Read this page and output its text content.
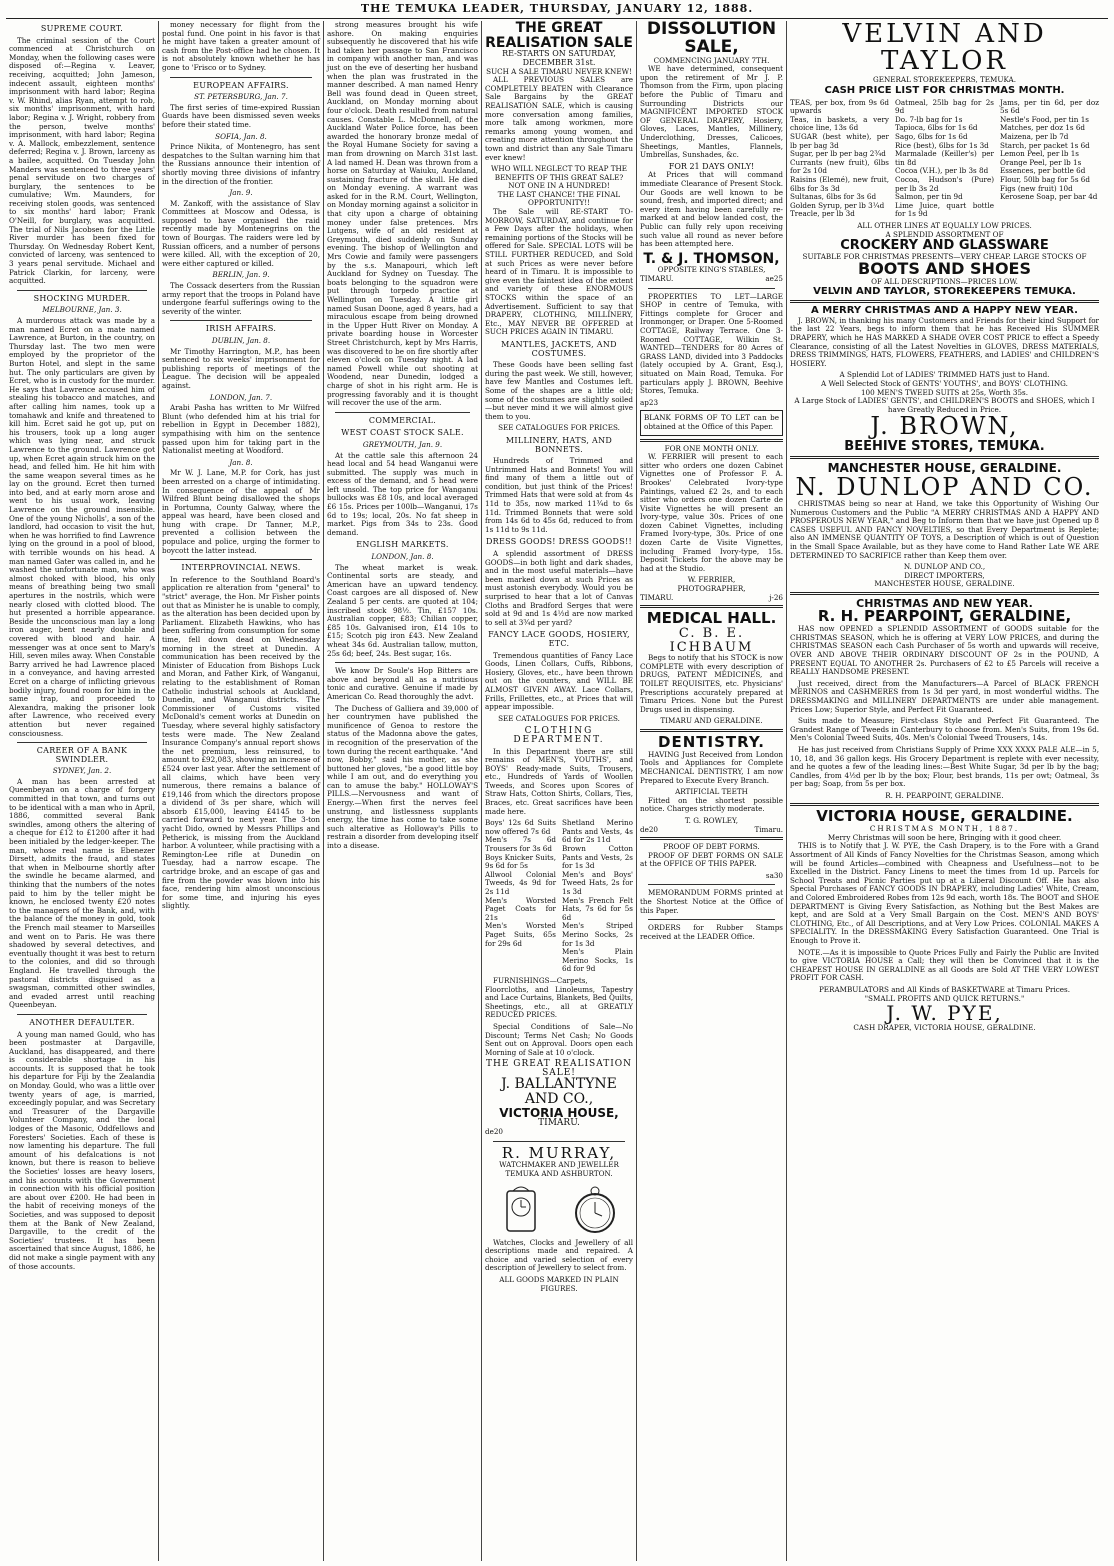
THE TEMUKA LEADER, THURSDAY, JANUARY 12, 1888.
SUPREME COURT.

The criminal session of the Court commenced at Christchurch on Monday, when the following cases were disposed of:—Regina v. Leaver, receiving, acquitted; John Jameson, indecent assault, eighteen months' imprisonment with hard labor; Regina v. W. Rhind, alias Ryan, attempt to rob, six months' imprisonment, with hard labor; Regina v. J. Wright, robbery from the person, twelve months' imprisonment, with hard labor; Regina v. A. Mallock, embezzlement, sentence deferred; Regina v. J. Brown, larceny as a bailee, acquitted. On Tuesday John Manders was sentenced to three years' penal servitude on two charges of burglary, the sentences to be cumulative; Wm. Maunders, for receiving stolen goods, was sentenced to six months' hard labor; Frank O'Neill, for burglary, was acquitted. The trial of Nils Jacobsen for the Little River murder has been fixed for Thursday. On Wednesday Robert Kent, convicted of larceny, was sentenced to 3 years penal servitude. Michael and Patrick Clarkin, for larceny, were acquitted.

SHOCKING MURDER.
MELBOURNE, Jan. 3.

A murderous attack was made by a man named Ecret on a mate named Lawrence, at Burton, in the country, on Thursday last. The two men were employed by the proprietor of the Burton Hotel, and slept in the same hut. The only particulars are given by Ecret, who is in custody for the murder. He says that Lawrence accused him of stealing his tobacco and matches, and after calling him names, took up a tomahawk and knife and threatened to kill him. Ecret said he got up, put on his trousers, took up a long auger which was lying near, and struck Lawrence to the ground. Lawrence got up, when Ecret again struck him on the head, and felled him. He hit him with the same weapon several times as he lay on the ground. Ecret then turned into bed, and at early morn arose and went to his usual work, leaving Lawrence on the ground insensible. One of the young Nicholls', a son of the landlord, had occasion to visit the hut, when he was horrified to find Lawrence lying on the ground in a pool of blood, with terrible wounds on his head. A man named Gater was called in, and he washed the unfortunate man, who was almost choked with blood, his only means of breathing being two small apertures in the nostrils, which were nearly closed with clotted blood. The hut presented a horrible appearance. Beside the unconscious man lay a long iron auger, bent nearly double and covered with blood and hair. A messenger was at once sent to Mary's Hill, seven miles away. When Constable Barry arrived he had Lawrence placed in a conveyance, and having arrested Ecret on a charge of inflicting grievous bodily injury, found room for him in the same trap, and proceeded to Alexandra, making the prisoner look after Lawrence, who received every attention but never regained consciousness.

CAREER OF A BANK SWINDLER.
SYDNEY, Jan. 2.

A man has been arrested at Queenbeyan on a charge of forgery committed in that town, and turns out to be identical with a man who in April, 1886, committed several Bank swindles, among others the altering of a cheque for £12 to £1200 after it had been initialed by the ledger-keeper. The man, whose real name is Ebenezer Dirsett, admits the fraud, and states that when in Melbourne shortly after the swindle he became alarmed, and thinking that the numbers of the notes paid to him by the teller might be known, he enclosed twenty £20 notes to the managers of the Bank, and, with the balance of the money in gold, took the French mail steamer to Marseilles and went on to Paris. He was there shadowed by several detectives, and eventually thought it was best to return to the colonies, and did so through England. He travelled through the pastoral districts disguised as a swagsman, committed other swindles, and evaded arrest until reaching Queenbeyan.

ANOTHER DEFAULTER.

A young man named Gould, who has been postmaster at Dargaville, Auckland, has disappeared, and there is considerable shortage in his accounts. It is supposed that he took his departure for Fiji by the Zealandia on Monday. Gould, who was a little over twenty years of age, is married, exceedingly popular, and was Secretary and Treasurer of the Dargaville Volunteer Company, and the local lodges of the Masonic, Oddfellows and Foresters' Societies. Each of these is now lamenting his departure. The full amount of his defalcations is not known, but there is reason to believe the Societies' losses are heavy losers, and his accounts with the Government in connection with his official position are about over £200. He had been in the habit of receiving moneys of the Societies, and was supposed to deposit them at the Bank of New Zealand, Dargaville, to the credit of the Societies' trustees. It has been ascertained that since August, 1886, he did not make a single payment with any of those accounts.

money necessary for flight from the postal fund. One point in his favor is that he might have taken a greater amount of cash from the Post-office had he chosen. It is not absolutely known whether he has gone to 'Frisco or to Sydney.

EUROPEAN AFFAIRS.
ST. PETERSBURG, Jan. 7.

The first series of time-expired Russian Guards have been dismissed seven weeks before their stated time.

SOFIA, Jan. 8.

Prince Nikita, of Montenegro, has sent despatches to the Sultan warning him that the Russians announce their intention of shortly moving three divisions of infantry in the direction of the frontier.

Jan. 9.

M. Zankoff, with the assistance of Slav Committees at Moscow and Odessa, is supposed to have organised the raid recently made by Montenegrins on the town of Bourgas. The raiders were led by Russian officers, and a number of persons were killed. All, with the exception of 20, were either captured or killed.

BERLIN, Jan. 9.

The Cossack deserters from the Russian army report that the troops in Poland have undergone fearful sufferings owing to the severity of the winter.

IRISH AFFAIRS.
DUBLIN, Jan. 8.

Mr Timothy Harrington, M.P., has been sentenced to six weeks' imprisonment for publishing reports of meetings of the League. The decision will be appealed against.

LONDON, Jan. 7.

Arabi Pasha has written to Mr Wilfred Blunt (who defended him at his trial for rebellion in Egypt in December 1882), sympathising with him on the sentence passed upon him for taking part in the Nationalist meeting at Woodford.

Jan. 8.

Mr W. J. Lane, M.P. for Cork, has just been arrested on a charge of intimidating. In consequence of the appeal of Mr Wilfred Blunt being disallowed the shops in Portumna, County Galway, where the appeal was heard, have been closed and hung with crape. Dr Tanner, M.P., prevented a collision between the populace and police, urging the former to boycott the latter instead.

INTERPROVINCIAL NEWS.

In reference to the Southland Board's application re alteration from "general" to "strict" average, the Hon. Mr Fisher points out that as Minister he is unable to comply, as the alteration has been decided upon by Parliament. Elizabeth Hawkins, who has been suffering from consumption for some time, fell down dead on Wednesday morning in the street at Dunedin. A communication has been received by the Minister of Education from Bishops Luck and Moran, and Father Kirk, of Wanganui, relating to the establishment of Roman Catholic industrial schools at Auckland, Dunedin, and Wanganui districts. The Commissioner of Customs visited McDonald's cement works at Dunedin on Tuesday, where several highly satisfactory tests were made. The New Zealand Insurance Company's annual report shows the net premium, less reinsured, to amount to £92,083, showing an increase of £524 over last year. After the settlement of all claims, which have been very numerous, there remains a balance of £19,146 from which the directors propose a dividend of 3s per share, which will absorb £15,000, leaving £4145 to be carried forward to next year. The 3-ton yacht Dido, owned by Messrs Phillips and Petherick, is missing from the Auckland harbor. A volunteer, while practising with a Remington-Lee rifle at Dunedin on Tuesday, had a narrow escape. The cartridge broke, and an escape of gas and fire from the powder was blown into his face, rendering him almost unconscious for some time, and injuring his eyes slightly.

strong measures brought his wife ashore. On making enquiries subsequently he discovered that his wife had taken her passage to San Francisco in company with another man, and was just on the eve of deserting her husband when the plan was frustrated in the manner described. A man named Henry Bell was found dead in Queen street, Auckland, on Monday morning about four o'clock. Death resulted from natural causes. Constable L. McDonnell, of the Auckland Water Police force, has been awarded the honorary bronze medal of the Royal Humane Society for saving a man from drowning on March 31st last. A lad named H. Dean was thrown from a horse on Saturday at Waiuku, Auckland, sustaining fracture of the skull. He died on Monday evening. A warrant was asked for in the R.M. Court, Wellington, on Monday morning against a solicitor in that city upon a charge of obtaining money under false pretences. Mrs Lutgens, wife of an old resident at Greymouth, died suddenly on Sunday evening. The bishop of Wellington and Mrs Cowie and family were passengers by the s.s. Manapouri, which left Auckland for Sydney on Tuesday. The boats belonging to the squadron were put through torpedo practice at Wellington on Tuesday. A little girl named Susan Doone, aged 8 years, had a miraculous escape from being drowned in the Upper Hutt River on Monday. A private boarding house in Worcester Street Christchurch, kept by Mrs Harris, was discovered to be on fire shortly after eleven o'clock on Tuesday night. A lad named Powell while out shooting at Woodend, near Dunedin, lodged a charge of shot in his right arm. He is progressing favorably and it is thought will recover the use of the arm.

COMMERCIAL.
WEST COAST STOCK SALE.
GREYMOUTH, Jan. 9.

At the cattle sale this afternoon 24 head local and 54 head Wanganui were submitted. The supply was much in excess of the demand, and 5 head were left unsold. The top price for Wanganui bullocks was £8 10s, and local averaged £6 15s. Prices per 100lb—Wanganui, 17s 6d to 19s; local, 20s. No fat sheep in market. Pigs from 34s to 23s. Good demand.

ENGLISH MARKETS.
LONDON, Jan. 8.

The wheat market is weak. Continental sorts are steady, and American have an upward tendency. Coast cargoes are all disposed of. New Zealand 5 per cents. are quoted at 104; inscribed stock 98½. Tin, £157 10s. Australian copper, £83; Chilian copper, £85 10s. Galvanised iron, £14 10s to £15; Scotch pig iron £43. New Zealand wheat 34s 6d. Australian tallow, mutton, 25s 6d; beef, 24s. Best sugar, 16s.

We know Dr Soule's Hop Bitters are above and beyond all as a nutritious tonic and curative. Genuine if made by American Co. Read thoroughly the advt.

The Duchess of Galliera and 39,000 of her countrymen have published the munificence of Genoa to restore the status of the Madonna above the gates, in recognition of the preservation of the town during the recent earthquake. "And now, Bobby," said his mother, as she buttoned her gloves, "be a good little boy while I am out, and do everything you can to amuse the baby." HOLLOWAY'S PILLS.—Nervousness and want of Energy.—When first the nerves feel unstrung, and listlessness supplants energy, the time has come to take some such alterative as Holloway's Pills to restrain a disorder from developing itself into a disease.

THE GREAT REALISATION SALE
RE-STARTS ON SATURDAY, DECEMBER 31st.
SUCH A SALE TIMARU NEVER KNEW!

ALL PREVIOUS SALES are COMPLETELY BEATEN with Clearance Sale Bargains by the GREAT REALISATION SALE, which is causing more conversation among families, more talk among workmen, more remarks among young women, and creating more attention throughout the town and district than any Sale Timaru ever knew!

WHO WILL NEGLECT TO REAP THE BENEFITS OF THIS GREAT SALE?
NOT ONE IN A HUNDRED!
THE LAST CHANCE! THE FINAL OPPORTUNITY!!

The Sale will RE-START TO-MORROW, SATURDAY, and continue for a Few Days after the holidays, when remaining portions of the Stocks will be offered for Sale. SPECIAL LOTS will be STILL FURTHER REDUCED, and Sold at such Prices as were never before heard of in Timaru. It is impossible to give even the faintest idea of the extent and variety of these ENORMOUS STOCKS within the space of an Advertisement. Sufficient to say that DRAPERY, CLOTHING, MILLINERY, Etc., MAY NEVER BE OFFERED at SUCH PRICES AGAIN IN TIMARU.

MANTLES, JACKETS, AND COSTUMES.

These Goods have been selling fast during the past week. We still, however, have few Mantles and Costumes left. Some of the shapes are a little old; some of the costumes are slightly soiled—but never mind it we will almost give them to you.

SEE CATALOGUES FOR PRICES.
MILLINERY, HATS, AND BONNETS.

Hundreds of Trimmed and Untrimmed Hats and Bonnets! You will find many of them a little out of condition, but just think of the Prices! Trimmed Hats that were sold at from 4s 11d to 35s, now marked 11¾d to 6s 11d. Trimmed Bonnets that were sold from 14s 6d to 45s 6d, reduced to from 1s 11d to 9s 11d.

DRESS GOODS! DRESS GOODS!!

A splendid assortment of DRESS GOODS—in both light and dark shades, and in the most useful materials—have been marked down at such Prices as must astonish everybody. Would you be surprised to hear that a lot of Canvas Cloths and Bradford Serges that were sold at 9d and 1s 4½d are now marked to sell at 3¾d per yard?

FANCY LACE GOODS, HOSIERY, ETC.

Tremendous quantities of Fancy Lace Goods, Linen Collars, Cuffs, Ribbons, Hosiery, Gloves, etc., have been thrown out on the counters, and WILL BE ALMOST GIVEN AWAY. Lace Collars, Frills, Frillettes, etc., at Prices that will appear impossible.

SEE CATALOGUES FOR PRICES.
CLOTHING DEPARTMENT.

In this Department there are still remains of MEN'S, YOUTHS', and BOYS' Ready-made Suits, Trousers, etc., Hundreds of Yards of Woollen Tweeds, and Scores upon Scores of Straw Hats, Cotton Shirts, Collars, Ties, Braces, etc. Great sacrifices have been made here.

Boys' 12s 6d Suits now offered 7s 6d
Men's 7s 6d Trousers for 3s 6d
Boys Knicker Suits, 9s 6d for 5s
Allwool Colonial Tweeds, 4s 9d for 2s 11d
Men's Worsted Paget Coats for 21s
Men's Worsted Paget Suits, 65s for 29s 6d
Shetland Merino Pants and Vests, 4s 6d for 2s 11d
Brown Cotton Pants and Vests, 2s for 1s 3d
Men's and Boys' Tweed Hats, 2s for 1s 3d
Men's French Felt Hats, 7s 6d for 5s 6d
Men's Striped Merino Socks, 2s for 1s 3d
Men's Plain Merino Socks, 1s 6d for 9d

FURNISHINGS—Carpets, Floorcloths, and Linoleums, Tapestry and Lace Curtains, Blankets, Bed Quilts, Sheetings, etc., all at GREATLY REDUCED PRICES.

Special Conditions of Sale—No Discount; Terms Net Cash; No Goods Sent out on Approval. Doors open each Morning of Sale at 10 o'clock.

THE GREAT REALISATION SALE!
J. BALLANTYNE AND CO.,
VICTORIA HOUSE,
TIMARU.
de20
R. MURRAY,
WATCHMAKER AND JEWELLER
TEMUKA AND ASHBURTON.

Watches, Clocks and Jewellery of all descriptions made and repaired. A choice and varied selection of every description of Jewellery to select from.

ALL GOODS MARKED IN PLAIN FIGURES.
DISSOLUTION SALE,
COMMENCING JANUARY 7TH.

WE have determined, consequent upon the retirement of Mr J. P. Thomson from the Firm, upon placing before the Public of Timaru and Surrounding Districts our MAGNIFICENT IMPORTED STOCK OF GENERAL DRAPERY, Hosiery, Gloves, Laces, Mantles, Millinery, Underclothing, Dresses, Calicoes, Sheetings, Mantles, Flannels, Umbrellas, Sunshades, &c.

FOR 21 DAYS ONLY!

At Prices that will command immediate Clearance of Present Stock. Our Goods are well known to be sound, fresh, and imported direct; and every item having been carefully re-marked at and below landed cost, the Public can fully rely upon receiving such value all round as never before has been attempted here.

T. & J. THOMSON,
OPPOSITE KING'S STABLES,
TIMARU.	ae25

PROPERTIES TO LET—LARGE SHOP in centre of Temuka, with Fittings complete for Grocer and Ironmonger, or Draper. One 5-Roomed COTTAGE, Railway Terrace. One 3-Roomed COTTAGE, Wilkin St. WANTED—TENDERS for 80 Acres of GRASS LAND, divided into 3 Paddocks (lately occupied by A. Grant, Esq.), situated on Main Road, Temuka. For particulars apply J. BROWN, Beehive Stores, Temuka.

ap23
BLANK FORMS OF TO LET can be obtained at the Office of this Paper.
FOR ONE MONTH ONLY.

W. FERRIER will present to each sitter who orders one dozen Cabinet Vignettes one of Professor F. A. Brookes' Celebrated Ivory-type Paintings, valued £2 2s, and to each sitter who orders one dozen Carte de Visite Vignettes he will present an Ivory-type, value 30s. Prices of one dozen Cabinet Vignettes, including Framed Ivory-type, 30s. Price of one dozen Carte de Visite Vignettes, including Framed Ivory-type, 15s. Deposit Tickets for the above may be had at the Studio.

W. FERRIER,
PHOTOGRAPHER,
TIMARU.	j-26
MEDICAL HALL.
C. B. E. ICHBAUM

Begs to notify that his STOCK is now COMPLETE with every description of DRUGS, PATENT MEDICINES, and TOILET REQUISITES, etc. Physicians' Prescriptions accurately prepared at Timaru Prices. None but the Purest Drugs used in dispensing.

TIMARU AND GERALDINE.
DENTISTRY.

HAVING Just Received from London Tools and Appliances for Complete MECHANICAL DENTISTRY, I am now Prepared to Execute Every Branch.

ARTIFICIAL TEETH

Fitted on the shortest possible notice. Charges strictly moderate.

T. G. ROWLEY,
de20	Timaru.
PROOF OF DEBT FORMS.

PROOF OF DEBT FORMS ON SALE at the OFFICE OF THIS PAPER.

sa30

MEMORANDUM FORMS printed at the Shortest Notice at the Office of this Paper.

ORDERS for Rubber Stamps received at the LEADER Office.

VELVIN AND TAYLOR
GENERAL STOREKEEPERS, TEMUKA.
CASH PRICE LIST FOR CHRISTMAS MONTH.
TEAS, per box, from 9s 6d upwards
Teas, in baskets, a very choice line, 13s 6d
SUGAR (best white), per lb per bag 3d
Sugar, per lb per bag 2¾d
Currants (new fruit), 6lbs for 2s 10d
Raisins (Elemé), new fruit, 6lbs for 3s 3d
Sultanas, 6lbs for 3s 6d
Golden Syrup, per lb 3¼d
Treacle, per lb 3d
Oatmeal, 25lb bag for 2s 9d
Do. 7-lb bag for 1s
Tapioca, 6lbs for 1s 6d
Sago, 6lbs for 1s 6d
Rice (best), 6lbs for 1s 3d
Marmalade (Keiller's) per tin 8d
Cocoa (V.H.), per lb 3s 8d
Cocoa, Hudson's (Pure) per lb 3s 2d
Salmon, per tin 9d
Lime Juice, quart bottle for 1s 9d
Jams, per tin 6d, per doz 5s 6d
Nestle's Food, per tin 1s
Matches, per doz 1s 6d
Maizena, per lb 7d
Starch, per packet 1s 6d
Lemon Peel, per lb 1s
Orange Peel, per lb 1s
Essences, per bottle 6d
Flour, 50lb bag for 5s 6d
Figs (new fruit) 10d
Kerosene Soap, per bar 4d
ALL OTHER LINES AT EQUALLY LOW PRICES.
A SPLENDID ASSORTMENT OF
CROCKERY AND GLASSWARE
SUITABLE FOR CHRISTMAS PRESENTS—VERY CHEAP. LARGE STOCKS OF
BOOTS AND SHOES
OF ALL DESCRIPTIONS—PRICES LOW.
VELVIN AND TAYLOR, STOREKEEPERS TEMUKA.
A MERRY CHRISTMAS AND A HAPPY NEW YEAR.

J. BROWN, in thanking his many Customers and Friends for their kind Support for the last 22 Years, begs to inform them that he has Received His SUMMER DRAPERY, which he HAS MARKED A SHADE OVER COST PRICE to effect a Speedy Clearance, consisting of all the Latest Novelties in GLOVES, DRESS MATERIALS, DRESS TRIMMINGS, HATS, FLOWERS, FEATHERS, and LADIES' and CHILDREN'S HOSIERY.

A Splendid Lot of LADIES' TRIMMED HATS just to Hand.
A Well Selected Stock of GENTS' YOUTHS', and BOYS' CLOTHING.
100 MEN'S TWEED SUITS at 25s, Worth 35s.
A Large Stock of LADIES' GENTS', and CHILDREN'S BOOTS and SHOES, which I have Greatly Reduced in Price.
J. BROWN,
BEEHIVE STORES, TEMUKA.
MANCHESTER HOUSE, GERALDINE.
N. DUNLOP AND CO.

CHRISTMAS being so near at Hand, we take this Opportunity of Wishing Our Numerous Customers and the Public "A MERRY CHRISTMAS AND A HAPPY AND PROSPEROUS NEW YEAR," and Beg to Inform them that we have just Opened up 8 CASES USEFUL AND FANCY NOVELTIES, so that Every Department is Replete; also AN IMMENSE QUANTITY OF TOYS, a Description of which is out of Question in the Small Space Available, but as they have come to Hand Rather Late WE ARE DETERMINED TO SACRIFICE rather than Keep them over.

N. DUNLOP AND CO.,
DIRECT IMPORTERS,
MANCHESTER HOUSE, GERALDINE.
CHRISTMAS AND NEW YEAR.
R. H. PEARPOINT, GERALDINE,

HAS now OPENED a SPLENDID ASSORTMENT of GOODS suitable for the CHRISTMAS SEASON, which he is offering at VERY LOW PRICES, and during the CHRISTMAS SEASON each Cash Purchaser of 5s worth and upwards will receive, OVER AND ABOVE THEIR ORDINARY DISCOUNT OF 2s in the POUND, A PRESENT EQUAL TO ANOTHER 2s. Purchasers of £2 to £5 Parcels will receive a REALLY HANDSOME PRESENT.

Just received, direct from the Manufacturers—A Parcel of BLACK FRENCH MERINOS and CASHMERES from 1s 3d per yard, in most wonderful widths. The DRESSMAKING and MILLINERY DEPARTMENTS are under able management. Prices Low; Superior Style, and Perfect Fit Guaranteed.

Suits made to Measure; First-class Style and Perfect Fit Guaranteed. The Grandest Range of Tweeds in Canterbury to choose from. Men's Suits, from 19s 6d. Men's Colonial Tweed Suits, 40s. Men's Colonial Tweed Trousers, 14s.

He has just received from Christians Supply of Prime XXX XXXX PALE ALE—in 5, 10, 18, and 36 gallon kegs. His Grocery Department is replete with ever necessity, and he quotes a few of the leading lines:—Best White Sugar, 3d per lb by the bag; Candles, from 4½d per lb by the box; Flour, best brands, 11s per owt; Oatmeal, 3s per bag; Soap, from 5s per box.

R. H. PEARPOINT, GERALDINE.
VICTORIA HOUSE, GERALDINE.
CHRISTMAS MONTH, 1887.
Merry Christmas will soon be here, Bringing with it good cheer.

THIS is to Notify that J. W. PYE, the Cash Drapery, is to the Fore with a Grand Assortment of All Kinds of Fancy Novelties for the Christmas Season, among which will be found Articles—combined with Cheapness and Usefulness—not to be Excelled in the District. Fancy Linens to meet the times from 1d up. Parcels for School Treats and Picnic Parties put up at a Liberal Discount Off. He has also Special Purchases of FANCY GOODS IN DRAPERY, including Ladies' White, Cream, and Colored Embroidered Robes from 12s 9d each, worth 18s. The BOOT and SHOE DEPARTMENT is Giving Every Satisfaction, as Nothing but the Best Makes are kept, and are Sold at a Very Small Bargain on the Cost. MEN'S AND BOYS' CLOTHING, Etc., of All Descriptions, and at Very Low Prices. COLONIAL MAKES A SPECIALITY. In the DRESSMAKING Every Satisfaction Guaranteed. One Trial is Enough to Prove it.

NOTE.—As it is impossible to Quote Prices Fully and Fairly the Public are Invited to give VICTORIA HOUSE a Call; they will then be Convinced that it is the CHEAPEST HOUSE IN GERALDINE as all Goods are Sold AT THE VERY LOWEST PROFIT FOR CASH.

PERAMBULATORS and All Kinds of BASKETWARE at Timaru Prices.
"SMALL PROFITS AND QUICK RETURNS."
J. W. PYE,
CASH DRAPER, VICTORIA HOUSE, GERALDINE.
